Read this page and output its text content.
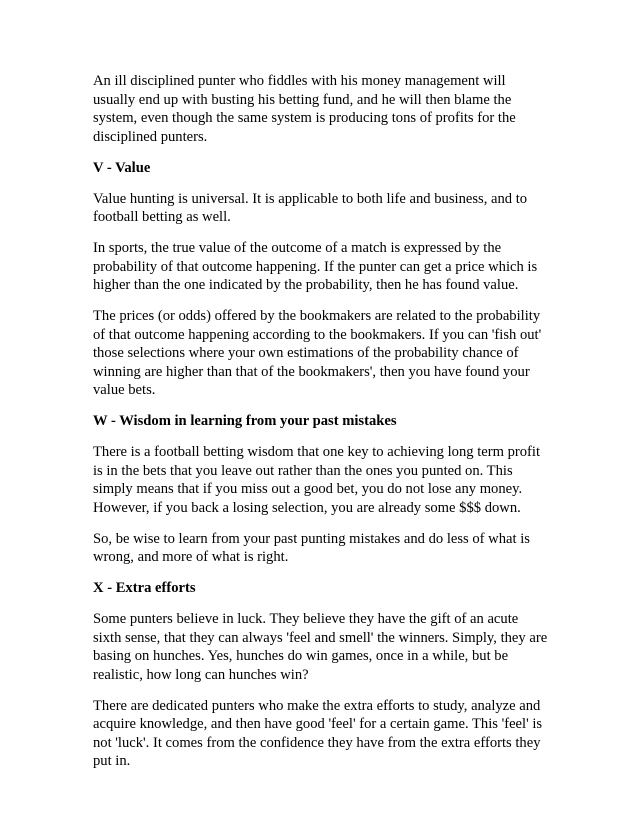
An ill disciplined punter who fiddles with his money management will usually end up with busting his betting fund, and he will then blame the system, even though the same system is producing tons of profits for the disciplined punters.

V - Value

Value hunting is universal. It is applicable to both life and business, and to football betting as well.

In sports, the true value of the outcome of a match is expressed by the probability of that outcome happening. If the punter can get a price which is higher than the one indicated by the probability, then he has found value.

The prices (or odds) offered by the bookmakers are related to the probability of that outcome happening according to the bookmakers. If you can 'fish out' those selections where your own estimations of the probability chance of winning are higher than that of the bookmakers', then you have found your value bets.

W - Wisdom in learning from your past mistakes

There is a football betting wisdom that one key to achieving long term profit is in the bets that you leave out rather than the ones you punted on. This simply means that if you miss out a good bet, you do not lose any money. However, if you back a losing selection, you are already some $$$ down.

So, be wise to learn from your past punting mistakes and do less of what is wrong, and more of what is right.

X - Extra efforts

Some punters believe in luck. They believe they have the gift of an acute sixth sense, that they can always 'feel and smell' the winners. Simply, they are basing on hunches. Yes, hunches do win games, once in a while, but be realistic, how long can hunches win?

There are dedicated punters who make the extra efforts to study, analyze and acquire knowledge, and then have good 'feel' for a certain game. This 'feel' is not 'luck'. It comes from the confidence they have from the extra efforts they put in.
